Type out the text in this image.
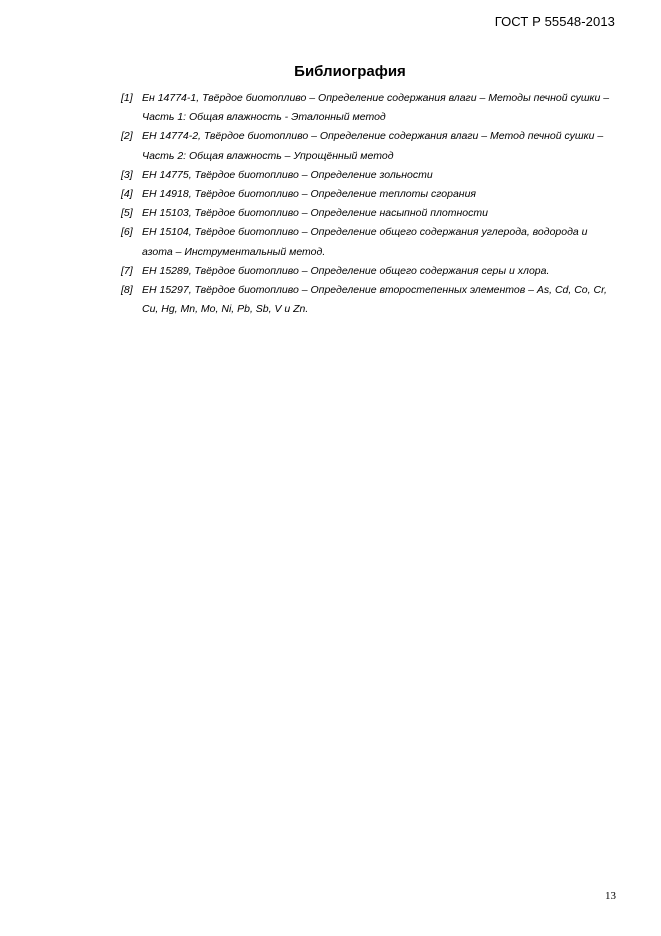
ГОСТ Р 55548-2013
Библиография
[1] Ен 14774-1, Твёрдое биотопливо – Определение содержания влаги – Методы печной сушки – Часть 1: Общая влажность - Эталонный метод
[2] ЕН 14774-2, Твёрдое биотопливо – Определение содержания влаги – Метод печной сушки – Часть 2: Общая влажность – Упрощённый метод
[3] ЕН 14775, Твёрдое биотопливо – Определение зольности
[4] ЕН 14918, Твёрдое биотопливо – Определение теплоты сгорания
[5] ЕН 15103, Твёрдое биотопливо – Определение насыпной плотности
[6] ЕН 15104, Твёрдое биотопливо – Определение общего содержания углерода, водорода и азота – Инструментальный метод.
[7] ЕН 15289, Твёрдое биотопливо – Определение общего содержания серы и хлора.
[8] ЕН 15297, Твёрдое биотопливо – Определение второстепенных элементов – As, Cd, Co, Cr, Cu, Hg, Mn, Mo, Ni, Pb, Sb, V и Zn.
13
